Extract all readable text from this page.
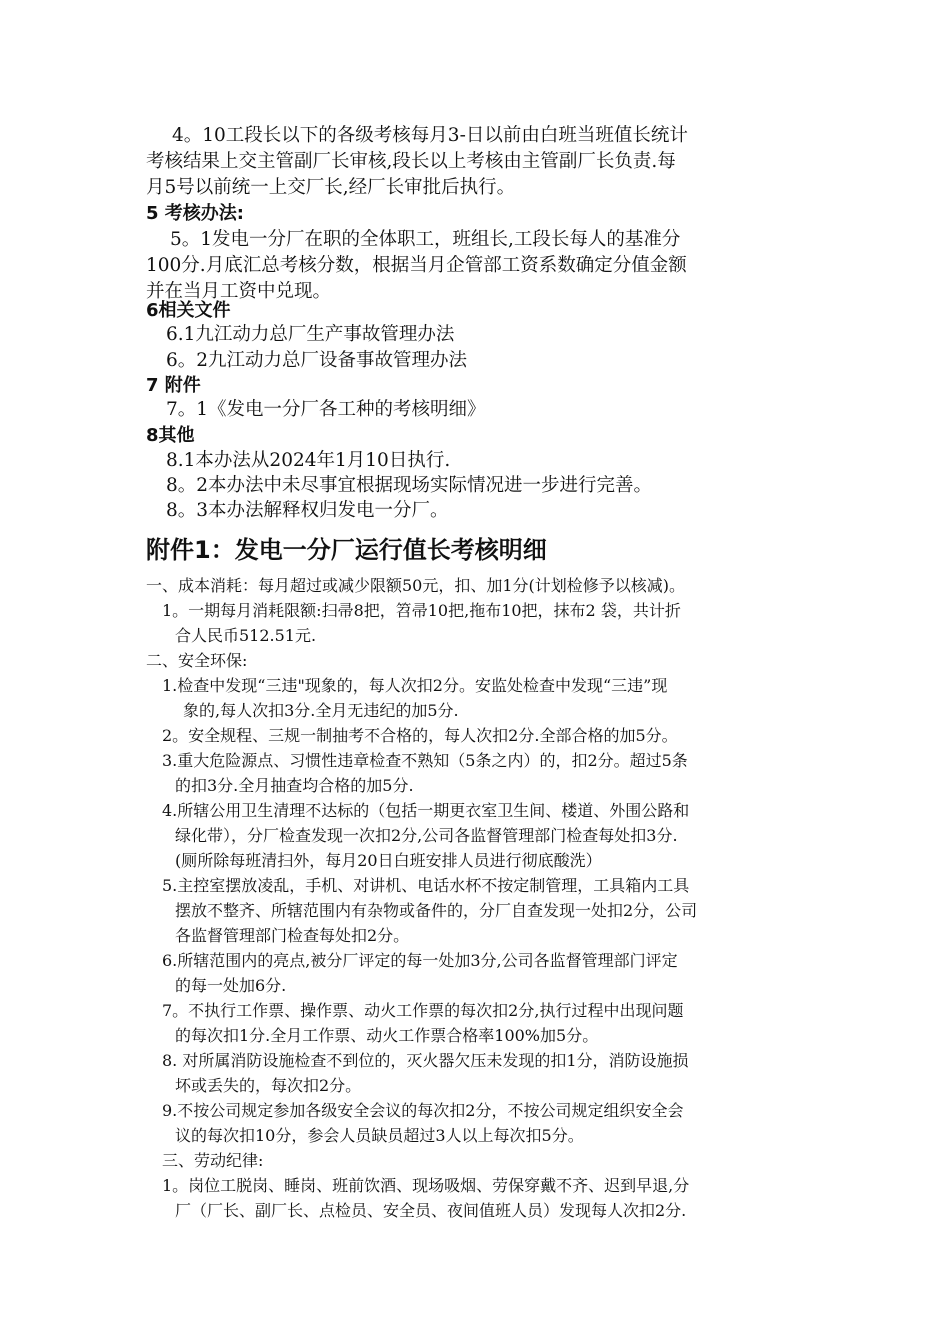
4。10工段长以下的各级考核每月3-日以前由白班当班值长统计
考核结果上交主管副厂长审核,段长以上考核由主管副厂长负责.每
月5号以前统一上交厂长,经厂长审批后执行。
5 考核办法:
5。1发电一分厂在职的全体职工，班组长,工段长每人的基准分
100分.月底汇总考核分数，根据当月企管部工资系数确定分值金额
并在当月工资中兑现。
6相关文件
6.1九江动力总厂生产事故管理办法
6。2九江动力总厂设备事故管理办法
7 附件
7。1《发电一分厂各工种的考核明细》
8其他
8.1本办法从2024年1月10日执行.
8。2本办法中未尽事宜根据现场实际情况进一步进行完善。
8。3本办法解释权归发电一分厂。
附件1：发电一分厂运行值长考核明细
一、成本消耗：每月超过或减少限额50元，扣、加1分(计划检修予以核减)。
1。一期每月消耗限额:扫帚8把，笤帚10把,拖布10把，抹布2 袋，共计折
合人民币512.51元.
二、安全环保:
1.检查中发现“三违"现象的，每人次扣2分。安监处检查中发现“三违”现
象的,每人次扣3分.全月无违纪的加5分.
2。安全规程、三规一制抽考不合格的，每人次扣2分.全部合格的加5分。
3.重大危险源点、习惯性违章检查不熟知（5条之内）的，扣2分。超过5条
的扣3分.全月抽查均合格的加5分.
4.所辖公用卫生清理不达标的（包括一期更衣室卫生间、楼道、外围公路和
绿化带），分厂检查发现一次扣2分,公司各监督管理部门检查每处扣3分.
(厕所除每班清扫外，每月20日白班安排人员进行彻底酸洗）
5.主控室摆放凌乱，手机、对讲机、电话水杯不按定制管理，工具箱内工具
摆放不整齐、所辖范围内有杂物或备件的，分厂自查发现一处扣2分，公司
各监督管理部门检查每处扣2分。
6.所辖范围内的亮点,被分厂评定的每一处加3分,公司各监督管理部门评定
的每一处加6分.
7。不执行工作票、操作票、动火工作票的每次扣2分,执行过程中出现问题
的每次扣1分.全月工作票、动火工作票合格率100%加5分。
8. 对所属消防设施检查不到位的，灭火器欠压未发现的扣1分，消防设施损
坏或丢失的，每次扣2分。
9.不按公司规定参加各级安全会议的每次扣2分，不按公司规定组织安全会
议的每次扣10分，参会人员缺员超过3人以上每次扣5分。
三、劳动纪律:
1。岗位工脱岗、睡岗、班前饮酒、现场吸烟、劳保穿戴不齐、迟到早退,分
厂（厂长、副厂长、点检员、安全员、夜间值班人员）发现每人次扣2分.
